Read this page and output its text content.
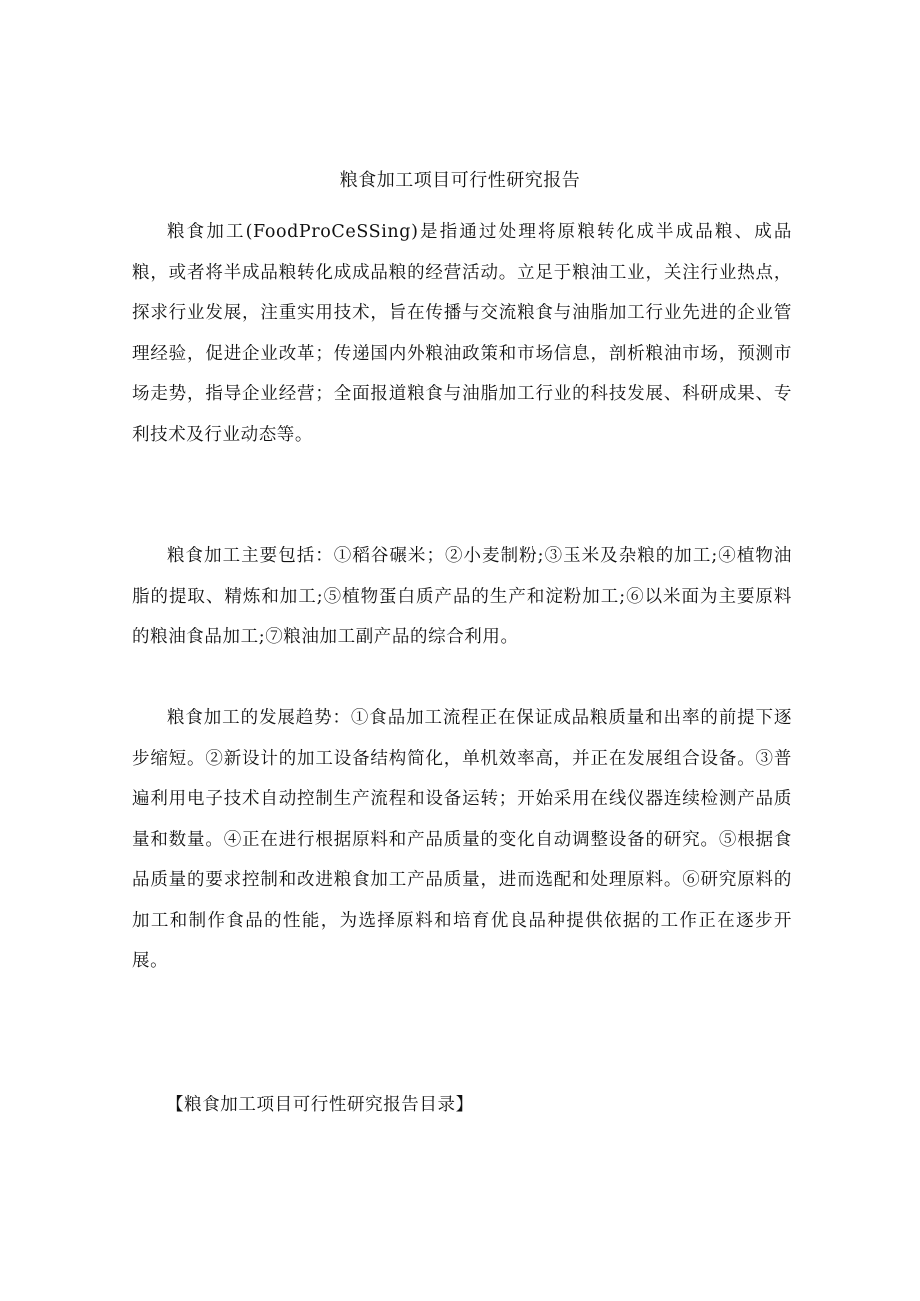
粮食加工项目可行性研究报告

粮食加工(FoodProCeSSing)是指通过处理将原粮转化成半成品粮、成品粮，或者将半成品粮转化成成品粮的经营活动。立足于粮油工业，关注行业热点，探求行业发展，注重实用技术，旨在传播与交流粮食与油脂加工行业先进的企业管理经验，促进企业改革；传递国内外粮油政策和市场信息，剖析粮油市场，预测市场走势，指导企业经营；全面报道粮食与油脂加工行业的科技发展、科研成果、专利技术及行业动态等。

粮食加工主要包括：①稻谷碾米；②小麦制粉;③玉米及杂粮的加工;④植物油脂的提取、精炼和加工;⑤植物蛋白质产品的生产和淀粉加工;⑥以米面为主要原料的粮油食品加工;⑦粮油加工副产品的综合利用。

粮食加工的发展趋势：①食品加工流程正在保证成品粮质量和出率的前提下逐步缩短。②新设计的加工设备结构简化，单机效率高，并正在发展组合设备。③普遍利用电子技术自动控制生产流程和设备运转；开始采用在线仪器连续检测产品质量和数量。④正在进行根据原料和产品质量的变化自动调整设备的研究。⑤根据食品质量的要求控制和改进粮食加工产品质量，进而选配和处理原料。⑥研究原料的加工和制作食品的性能，为选择原料和培育优良品种提供依据的工作正在逐步开展。

【粮食加工项目可行性研究报告目录】
